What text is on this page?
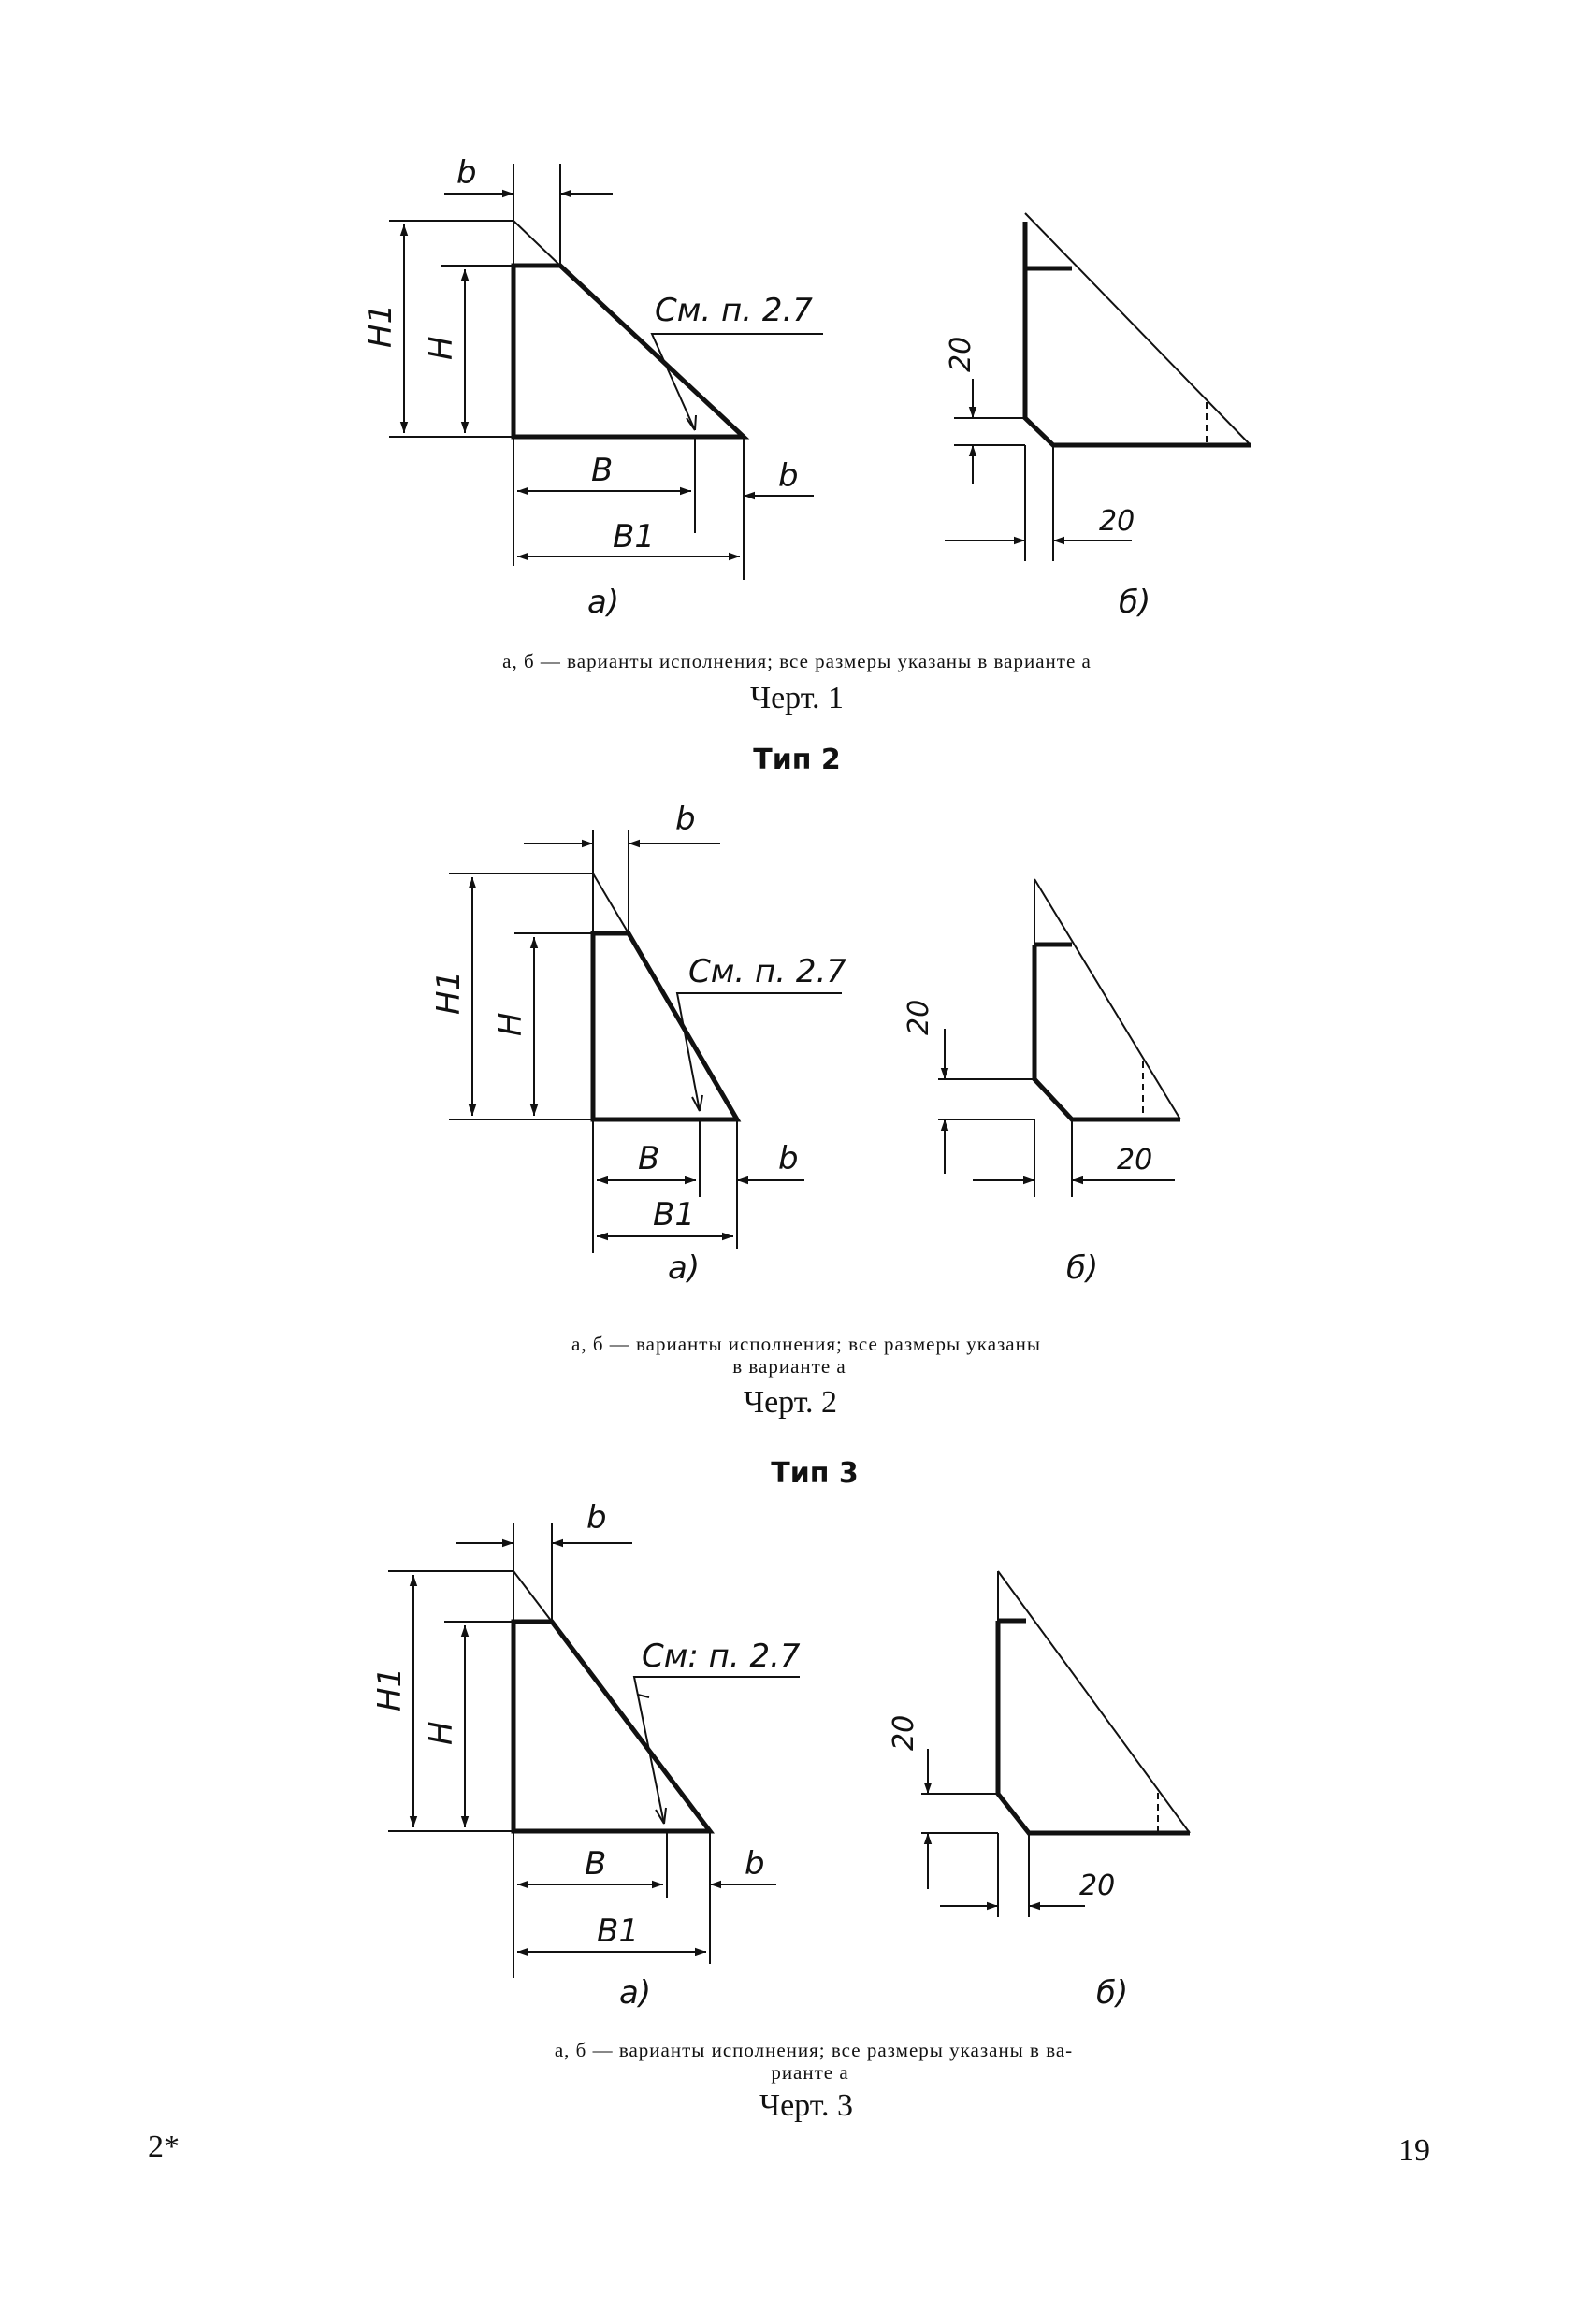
b
H1
H
См. п. 2.7
B	b
B1
а)
20
20
б)
а, б — варианты исполнения; все размеры указаны в варианте а
Черт. 1
Тип 2
b
H1
H
См. п. 2.7
B	b
B1
а)
20
20
б)
а, б — варианты исполнения; все размеры указаны
в варианте а
Черт. 2
Тип 3
b
H1
H
См: п. 2.7
B	b
B1
а)
20
20
б)
а, б — варианты исполнения; все размеры указаны в ва-
рианте а
Черт. 3
2*	19
